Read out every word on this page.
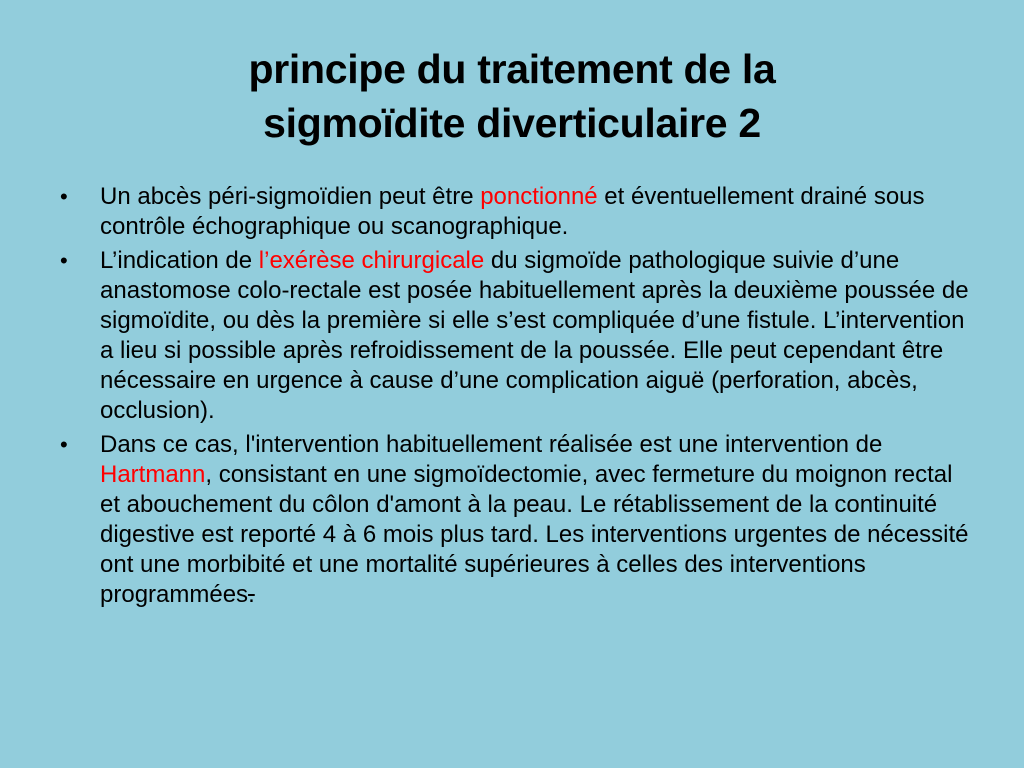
principe du traitement de la
sigmoïdite diverticulaire 2
•	Un abcès péri-sigmoïdien peut être ponctionné et éventuellement drainé sous contrôle échographique ou scanographique.
•	L’indication de l’exérèse chirurgicale du sigmoïde pathologique suivie d’une anastomose colo-rectale est posée habituellement après la deuxième poussée de sigmoïdite, ou dès la première si elle s’est compliquée d’une fistule. L’intervention a lieu si possible après refroidissement de la poussée. Elle peut cependant être nécessaire en urgence à cause d’une complication aiguë (perforation, abcès, occlusion).
•	Dans ce cas, l'intervention habituellement réalisée est une intervention de Hartmann, consistant en une sigmoïdectomie, avec fermeture du moignon rectal et abouchement du côlon d'amont à la peau. Le rétablissement de la continuité digestive est reporté 4 à 6 mois plus tard. Les interventions urgentes de nécessité ont une morbibité et une mortalité supérieures à celles des interventions programmées.
